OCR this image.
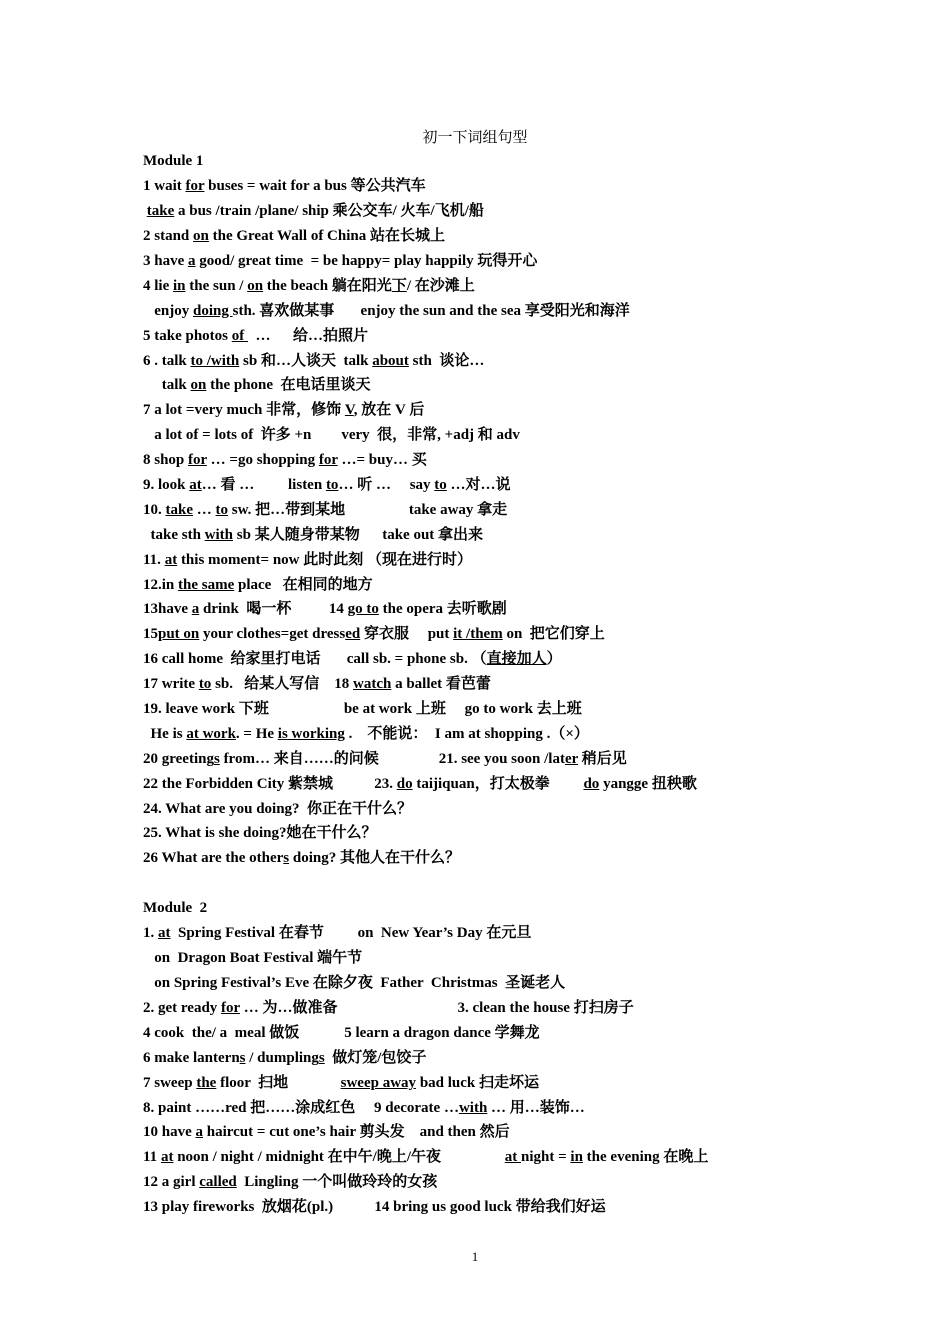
初一下词组句型
Module 1
1 wait for buses = wait for a bus 等公共汽车
take a bus /train /plane/ ship 乘公交车/ 火车/飞机/船
2 stand on the Great Wall of China 站在长城上
3 have a good/ great time  = be happy= play happily 玩得开心
4 lie in the sun / on the beach 躺在阳光下/ 在沙滩上
enjoy doing sth. 喜欢做某事       enjoy the sun and the sea 享受阳光和海洋
5 take photos of   …      给…拍照片
6 . talk to /with sb 和…人谈天  talk about sth  谈论…
talk on the phone  在电话里谈天
7 a lot =very much 非常，修饰 V, 放在 V 后
a lot of = lots of  许多 +n        very  很，非常, +adj 和 adv
8 shop for … =go shopping for …= buy… 买
9. look at… 看 …         listen to… 听 …     say to …对…说
10. take … to sw. 把…带到某地                 take away 拿走
take sth with sb 某人随身带某物      take out 拿出来
11. at this moment= now 此时此刻 （现在进行时）
12.in the same place   在相同的地方
13have a drink  喝一杯          14 go to the opera 去听歌剧
15put on your clothes=get dressed 穿衣服     put it /them on  把它们穿上
16 call home  给家里打电话       call sb. = phone sb. （直接加人）
17 write to sb.   给某人写信    18 watch a ballet 看芭蕾
19. leave work 下班                    be at work 上班     go to work 去上班
He is at work. = He is working .    不能说：  I am at shopping .（×）
20 greetings from… 来自……的问候                21. see you soon /later 稍后见
22 the Forbidden City 紫禁城           23. do taijiquan，打太极拳         do yangge 扭秧歌
24. What are you doing?  你正在干什么？
25. What is she doing?她在干什么？
26 What are the others doing? 其他人在干什么？
Module  2
1. at  Spring Festival 在春节         on  New Year’s Day 在元旦
on  Dragon Boat Festival 端午节
on Spring Festival’s Eve 在除夕夜  Father  Christmas  圣诞老人
2. get ready for … 为…做准备                                3. clean the house 打扫房子
4 cook  the/ a  meal 做饭            5 learn a dragon dance 学舞龙
6 make lanterns / dumplings  做灯笼/包饺子
7 sweep the floor  扫地              sweep away bad luck 扫走坏运
8. paint ……red 把……涂成红色     9 decorate …with … 用…装饰…
10 have a haircut = cut one’s hair 剪头发    and then 然后
11 at noon / night / midnight 在中午/晚上/午夜                 at night = in the evening 在晚上
12 a girl called  Lingling 一个叫做玲玲的女孩
13 play fireworks  放烟花(pl.)           14 bring us good luck 带给我们好运
1
